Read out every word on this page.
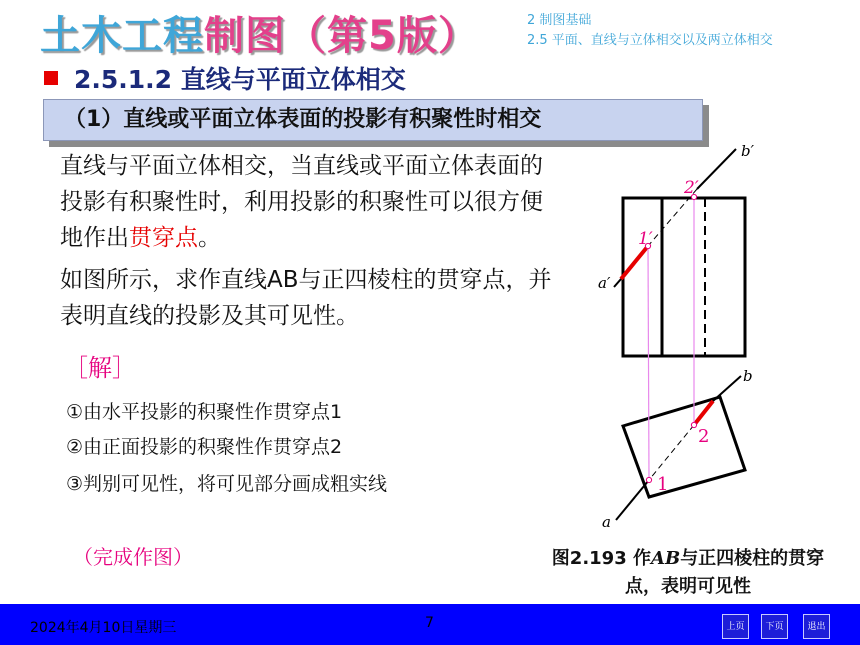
土木工程制图（第5版）	2 制图基础
2.5 平面、直线与立体相交以及两立体相交
2.5.1.2 直线与平面立体相交
（1）直线或平面立体表面的投影有积聚性时相交
直线与平面立体相交，当直线或平面立体表面的投影有积聚性时，利用投影的积聚性可以很方便地作出贯穿点。
如图所示，求作直线AB与正四棱柱的贯穿点，并表明直线的投影及其可见性。
［解］
①由水平投影的积聚性作贯穿点1
②由正面投影的积聚性作贯穿点2
③判别可见性，将可见部分画成粗实线
（完成作图）
b′
2′
1′
a′
b
2
1
a
图2.193 作AB与正四棱柱的贯穿点，表明可见性
2024年4月10日星期三	7	上页	下页	退出
